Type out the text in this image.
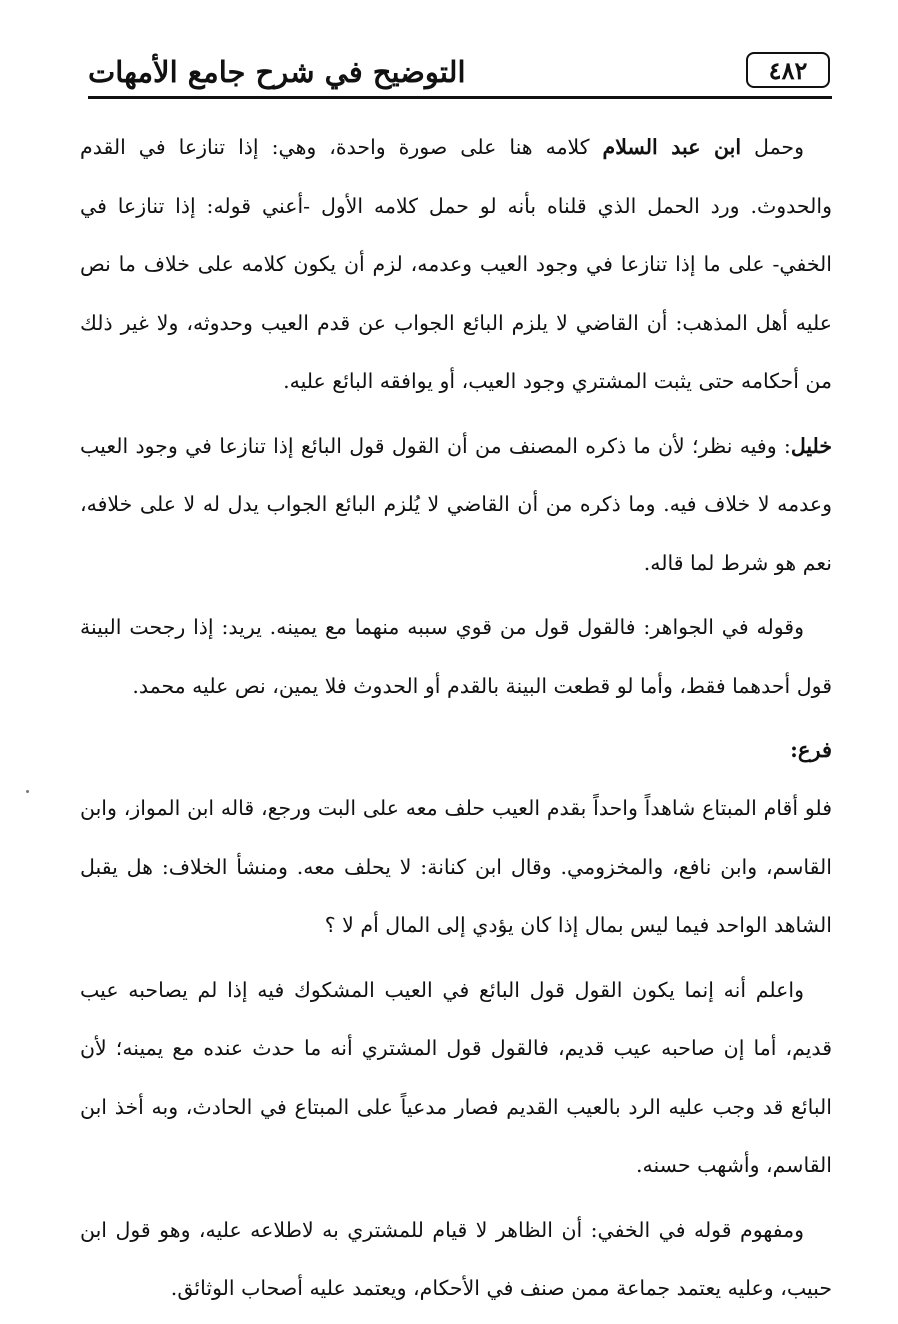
التوضيح في شرح جامع الأمهات	٤٨٢

وحمل ابن عبد السلام كلامه هنا على صورة واحدة، وهي: إذا تنازعا في القدم والحدوث. ورد الحمل الذي قلناه بأنه لو حمل كلامه الأول -أعني قوله: إذا تنازعا في الخفي- على ما إذا تنازعا في وجود العيب وعدمه، لزم أن يكون كلامه على خلاف ما نص عليه أهل المذهب: أن القاضي لا يلزم البائع الجواب عن قدم العيب وحدوثه، ولا غير ذلك من أحكامه حتى يثبت المشتري وجود العيب، أو يوافقه البائع عليه.

خليل: وفيه نظر؛ لأن ما ذكره المصنف من أن القول قول البائع إذا تنازعا في وجود العيب وعدمه لا خلاف فيه. وما ذكره من أن القاضي لا يُلزم البائع الجواب يدل له لا على خلافه، نعم هو شرط لما قاله.

وقوله في الجواهر: فالقول قول من قوي سببه منهما مع يمينه. يريد: إذا رجحت البينة قول أحدهما فقط، وأما لو قطعت البينة بالقدم أو الحدوث فلا يمين، نص عليه محمد.

فرع:

فلو أقام المبتاع شاهداً واحداً بقدم العيب حلف معه على البت ورجع، قاله ابن المواز، وابن القاسم، وابن نافع، والمخزومي. وقال ابن كنانة: لا يحلف معه. ومنشأ الخلاف: هل يقبل الشاهد الواحد فيما ليس بمال إذا كان يؤدي إلى المال أم لا ؟

واعلم أنه إنما يكون القول قول البائع في العيب المشكوك فيه إذا لم يصاحبه عيب قديم، أما إن صاحبه عيب قديم، فالقول قول المشتري أنه ما حدث عنده مع يمينه؛ لأن البائع قد وجب عليه الرد بالعيب القديم فصار مدعياً على المبتاع في الحادث، وبه أخذ ابن القاسم، وأشهب حسنه.

ومفهوم قوله في الخفي: أن الظاهر لا قيام للمشتري به لاطلاعه عليه، وهو قول ابن حبيب، وعليه يعتمد جماعة ممن صنف في الأحكام، ويعتمد عليه أصحاب الوثائق.
